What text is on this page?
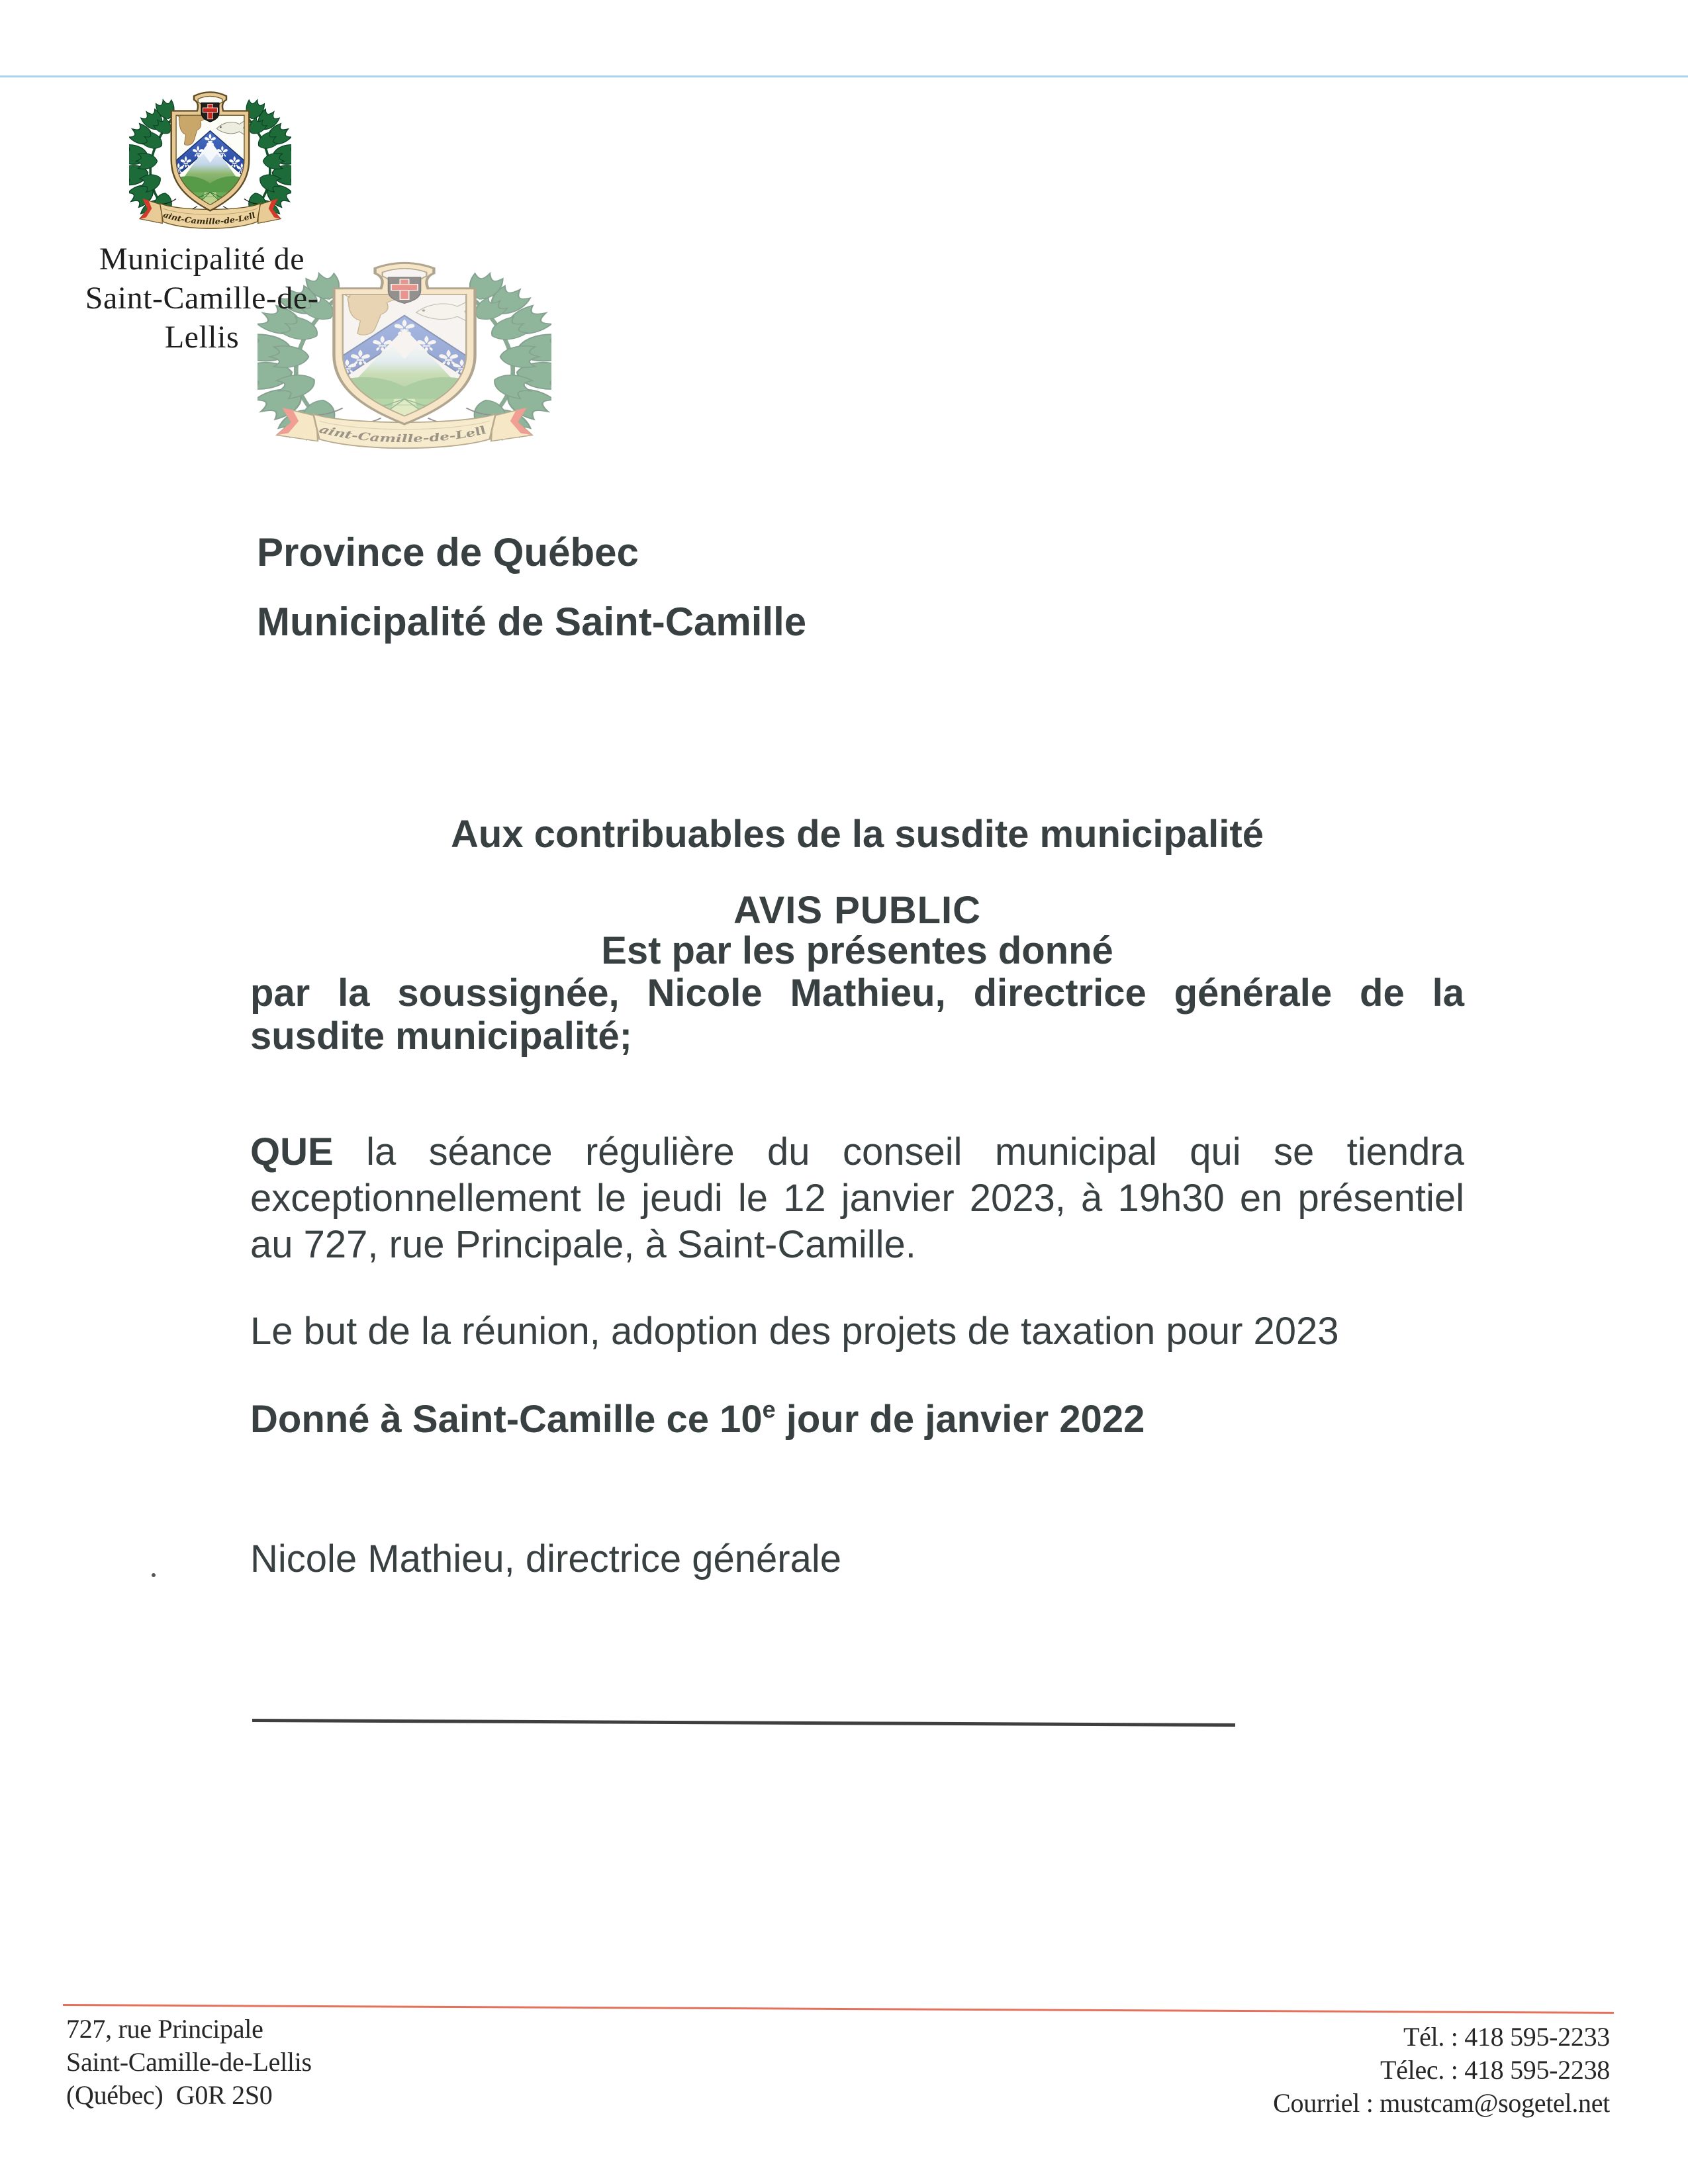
Municipalité de
Saint-Camille-de-Lellis
Province de Québec
Municipalité de Saint-Camille
Aux contribuables de la susdite municipalité
AVIS PUBLIC
Est par les présentes donné
par la soussignée, Nicole Mathieu, directrice générale de la
susdite municipalité;
QUE la séance régulière du conseil municipal qui se tiendra
exceptionnellement le jeudi le 12 janvier 2023, à 19h30 en présentiel
au 727, rue Principale, à Saint-Camille.
Le but de la réunion, adoption des projets de taxation pour 2023
Donné à Saint-Camille ce 10e jour de janvier 2022
Nicole Mathieu, directrice générale
727, rue Principale
Saint-Camille-de-Lellis
(Québec)  G0R 2S0
Tél. : 418 595-2233
Télec. : 418 595-2238
Courriel : mustcam@sogetel.net
